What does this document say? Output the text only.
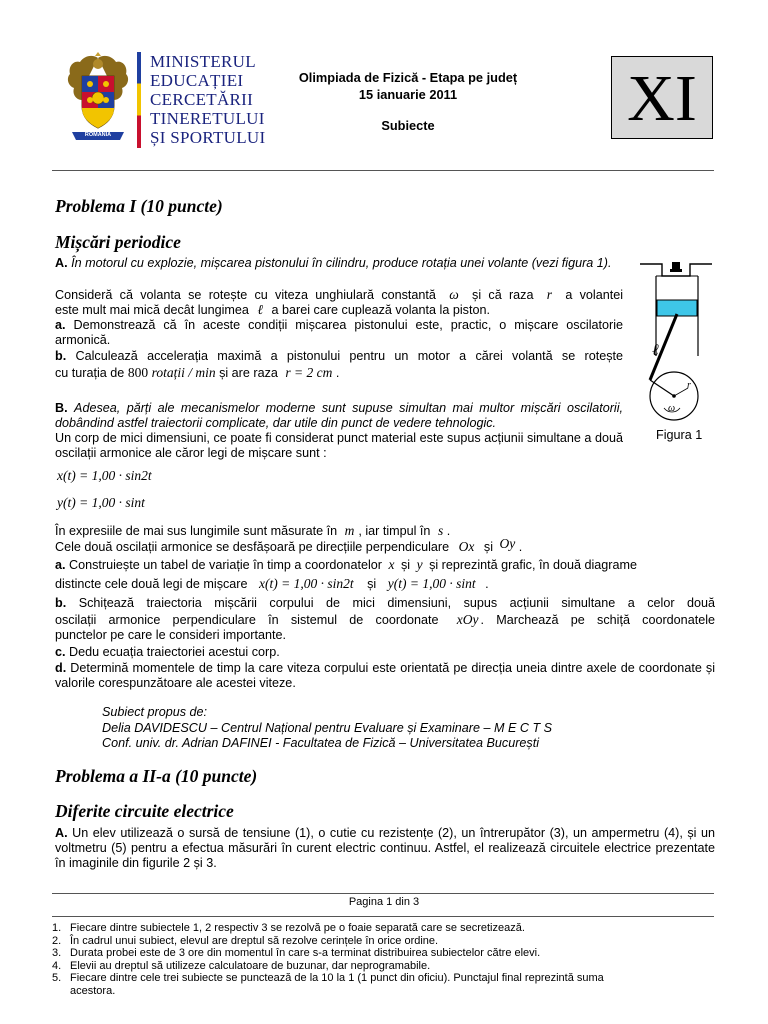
ROMANIA
MINISTERUL
EDUCAȚIEI
CERCETĂRII
TINERETULUI
ȘI SPORTULUI
Olimpiada de Fizică - Etapa pe județ
15 ianuarie 2011
Subiecte	XI
Problema I (10 puncte)
Mișcări periodice
A. În motorul cu explozie, mișcarea pistonului în cilindru, produce rotația unei volante (vezi figura 1).
Consideră că volanta se rotește cu viteza unghiulară constantă ω și că raza r a volantei
este mult mai mică decât lungimea ℓ a barei care cuplează volanta la piston.
a. Demonstrează că în aceste condiții mișcarea pistonului este, practic, o mișcare oscilatorie armonică.
b. Calculează accelerația maximă a pistonului pentru un motor a cărei volantă se rotește
cu turația de 800 rotații / min și are raza r = 2 cm .
ℓ
r
ω
Figura 1
B. Adesea, părți ale mecanismelor moderne sunt supuse simultan mai multor mișcări oscilatorii, dobândind astfel traiectorii complicate, dar utile din punct de vedere tehnologic.
Un corp de mici dimensiuni, ce poate fi considerat punct material este supus acțiunii simultane a două oscilații armonice ale căror legi de mișcare sunt :
x(t) = 1,00 · sin2t
y(t) = 1,00 · sint
În expresiile de mai sus lungimile sunt măsurate în m , iar timpul în s .
Cele două oscilații armonice se desfășoară pe direcțiile perpendiculare Ox și Oy .
a. Construiește un tabel de variație în timp a coordonatelor x și y și reprezintă grafic, în două diagrame
distincte cele două legi de mișcare x(t) = 1,00 · sin2t și y(t) = 1,00 · sint .
b. Schițează traiectoria mișcării corpului de mici dimensiuni, supus acțiunii simultane a celor două
oscilații armonice perpendiculare în sistemul de coordonate xOy . Marchează pe schiță coordonatele
punctelor pe care le consideri importante.
c. Dedu ecuația traiectoriei acestui corp.
d. Determină momentele de timp la care viteza corpului este orientată pe direcția uneia dintre axele de coordonate și valorile corespunzătoare ale acestei viteze.
Subiect propus de:
Delia DAVIDESCU – Centrul Național pentru Evaluare și Examinare – M E C T S
Conf. univ. dr. Adrian DAFINEI - Facultatea de Fizică – Universitatea București
Problema a II-a (10 puncte)
Diferite circuite electrice
A. Un elev utilizează o sursă de tensiune (1), o cutie cu rezistențe (2), un întrerupător (3), un ampermetru (4), și un voltmetru (5) pentru a efectua măsurări în curent electric continuu. Astfel, el realizează circuitele electrice prezentate în imaginile din figurile 2 și 3.
Pagina 1 din 3
1. Fiecare dintre subiectele 1, 2 respectiv 3 se rezolvă pe o foaie separată care se secretizează.
2. În cadrul unui subiect, elevul are dreptul să rezolve cerințele în orice ordine.
3. Durata probei este de 3 ore din momentul în care s-a terminat distribuirea subiectelor către elevi.
4. Elevii au dreptul să utilizeze calculatoare de buzunar, dar neprogramabile.
5. Fiecare dintre cele trei subiecte se punctează de la 10 la 1 (1 punct din oficiu). Punctajul final reprezintă suma
acestora.
